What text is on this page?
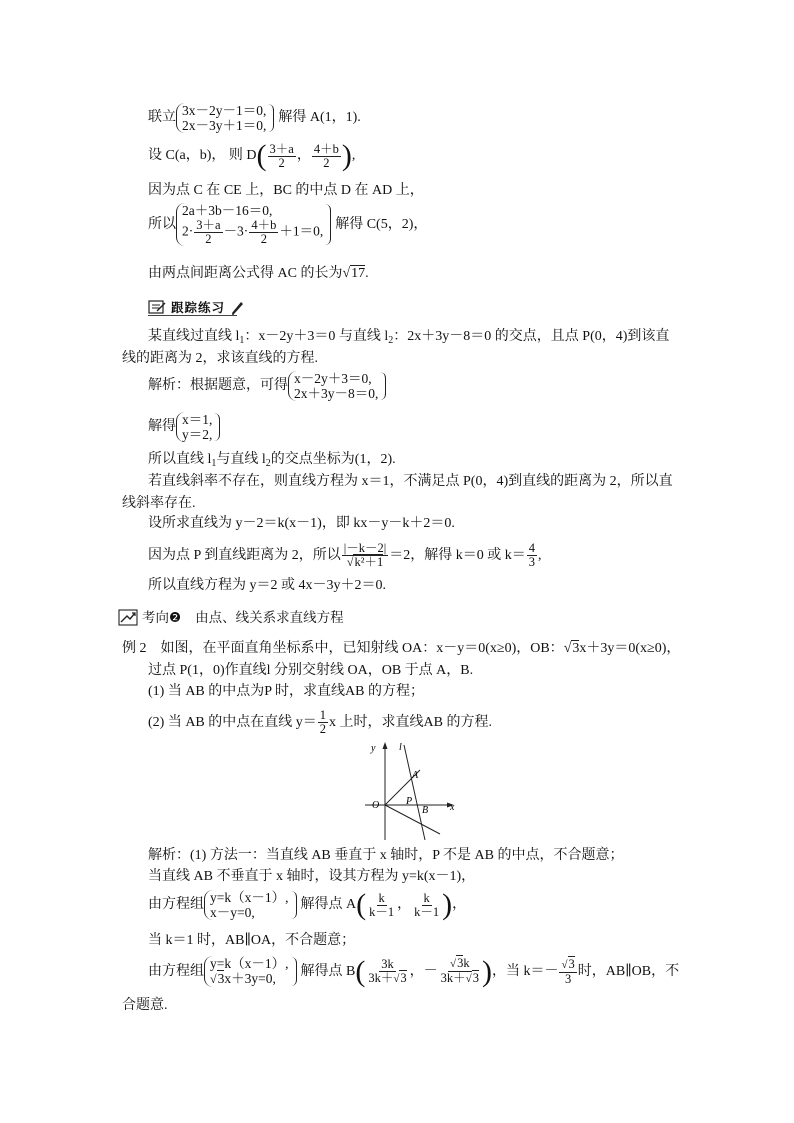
联立 3x－2y－1＝0,
2x－3y＋1＝0,
解得 A(1，1).
设 C(a，b)， 则 $D( \frac{3+a}{2}$ ， $\frac{4+b}{2}$ ),
因为点 C 在 CE 上，BC 的中点 D 在 AD 上，
所以
2a＋3b－16＝0,
$2\cdot \frac{3+a}{2} -3\cdot \frac{4+b}{2} +1=0$, 解得 C(5，2)，
由两点间距离公式得 AC 的长为√17.
跟踪练习
某直线过直线 $l_1$：x－2y＋3＝0 与直线 $l_2$：2x＋3y－8＝0 的交点，且点 P(0，4)到该直
线的距离为 2，求该直线的方程.
解析：根据题意，可得 x－2y＋3＝0,
2x＋3y－8＝0,
解得 x＝1,
y＝2,
所以直线 $l_1$与直线 $l_2$的交点坐标为(1，2).
若直线斜率不存在，则直线方程为 x＝1，不满足点 P(0，4)到直线的距离为 2，所以直
线斜率存在.
设所求直线为 y－2＝k(x－1)，即 kx－y－k＋2＝0.
因为点 P 到直线距离为 2，所以 $\frac{|-k-2|}{\text{√k²＋1}} =2$，解得 k＝0 或 $k= \frac{4}{3}$ ,
所以直线方程为 y＝2 或 4x－3y＋2＝0.
考向❷ 由点、线关系求直线方程
例 2　如图，在平面直角坐标系中，已知射线 OA：x－y＝0(x≥0)，OB：√3x＋3y＝0(x≥0)，
过点 P(1，0)作直线l 分别交射线 OA，OB 于点 A，B.
(1) 当 AB 的中点为P 时，求直线AB 的方程；
(2) 当 AB 的中点在直线 $y= \frac{1}{2}$ x 上时，求直线AB 的方程.
y l
A
O	P
B x
解析：(1) 方法一：当直线 AB 垂直于 x 轴时，P 不是 AB 的中点，不合题意；
当直线 AB 不垂直于 x 轴时，设其方程为 y=k(x－1)，
由方程组 y=k（x－1）,
x－y=0,
解得点 A ( $\frac{k}{k-1}$ ， $\frac{k}{k-1}$ ) ，
当 k＝1 时，AB∥OA，不合题意；
由方程组 y=k（x－1）,
√3x＋3y=0,	解得点 B ( $\frac{3k}{3k+√3}$ ， － $\frac{√3k}{3k+√3}$ ) ，当 $k=- \frac{√3}{3}$ 时，AB∥OB，不
合题意.
